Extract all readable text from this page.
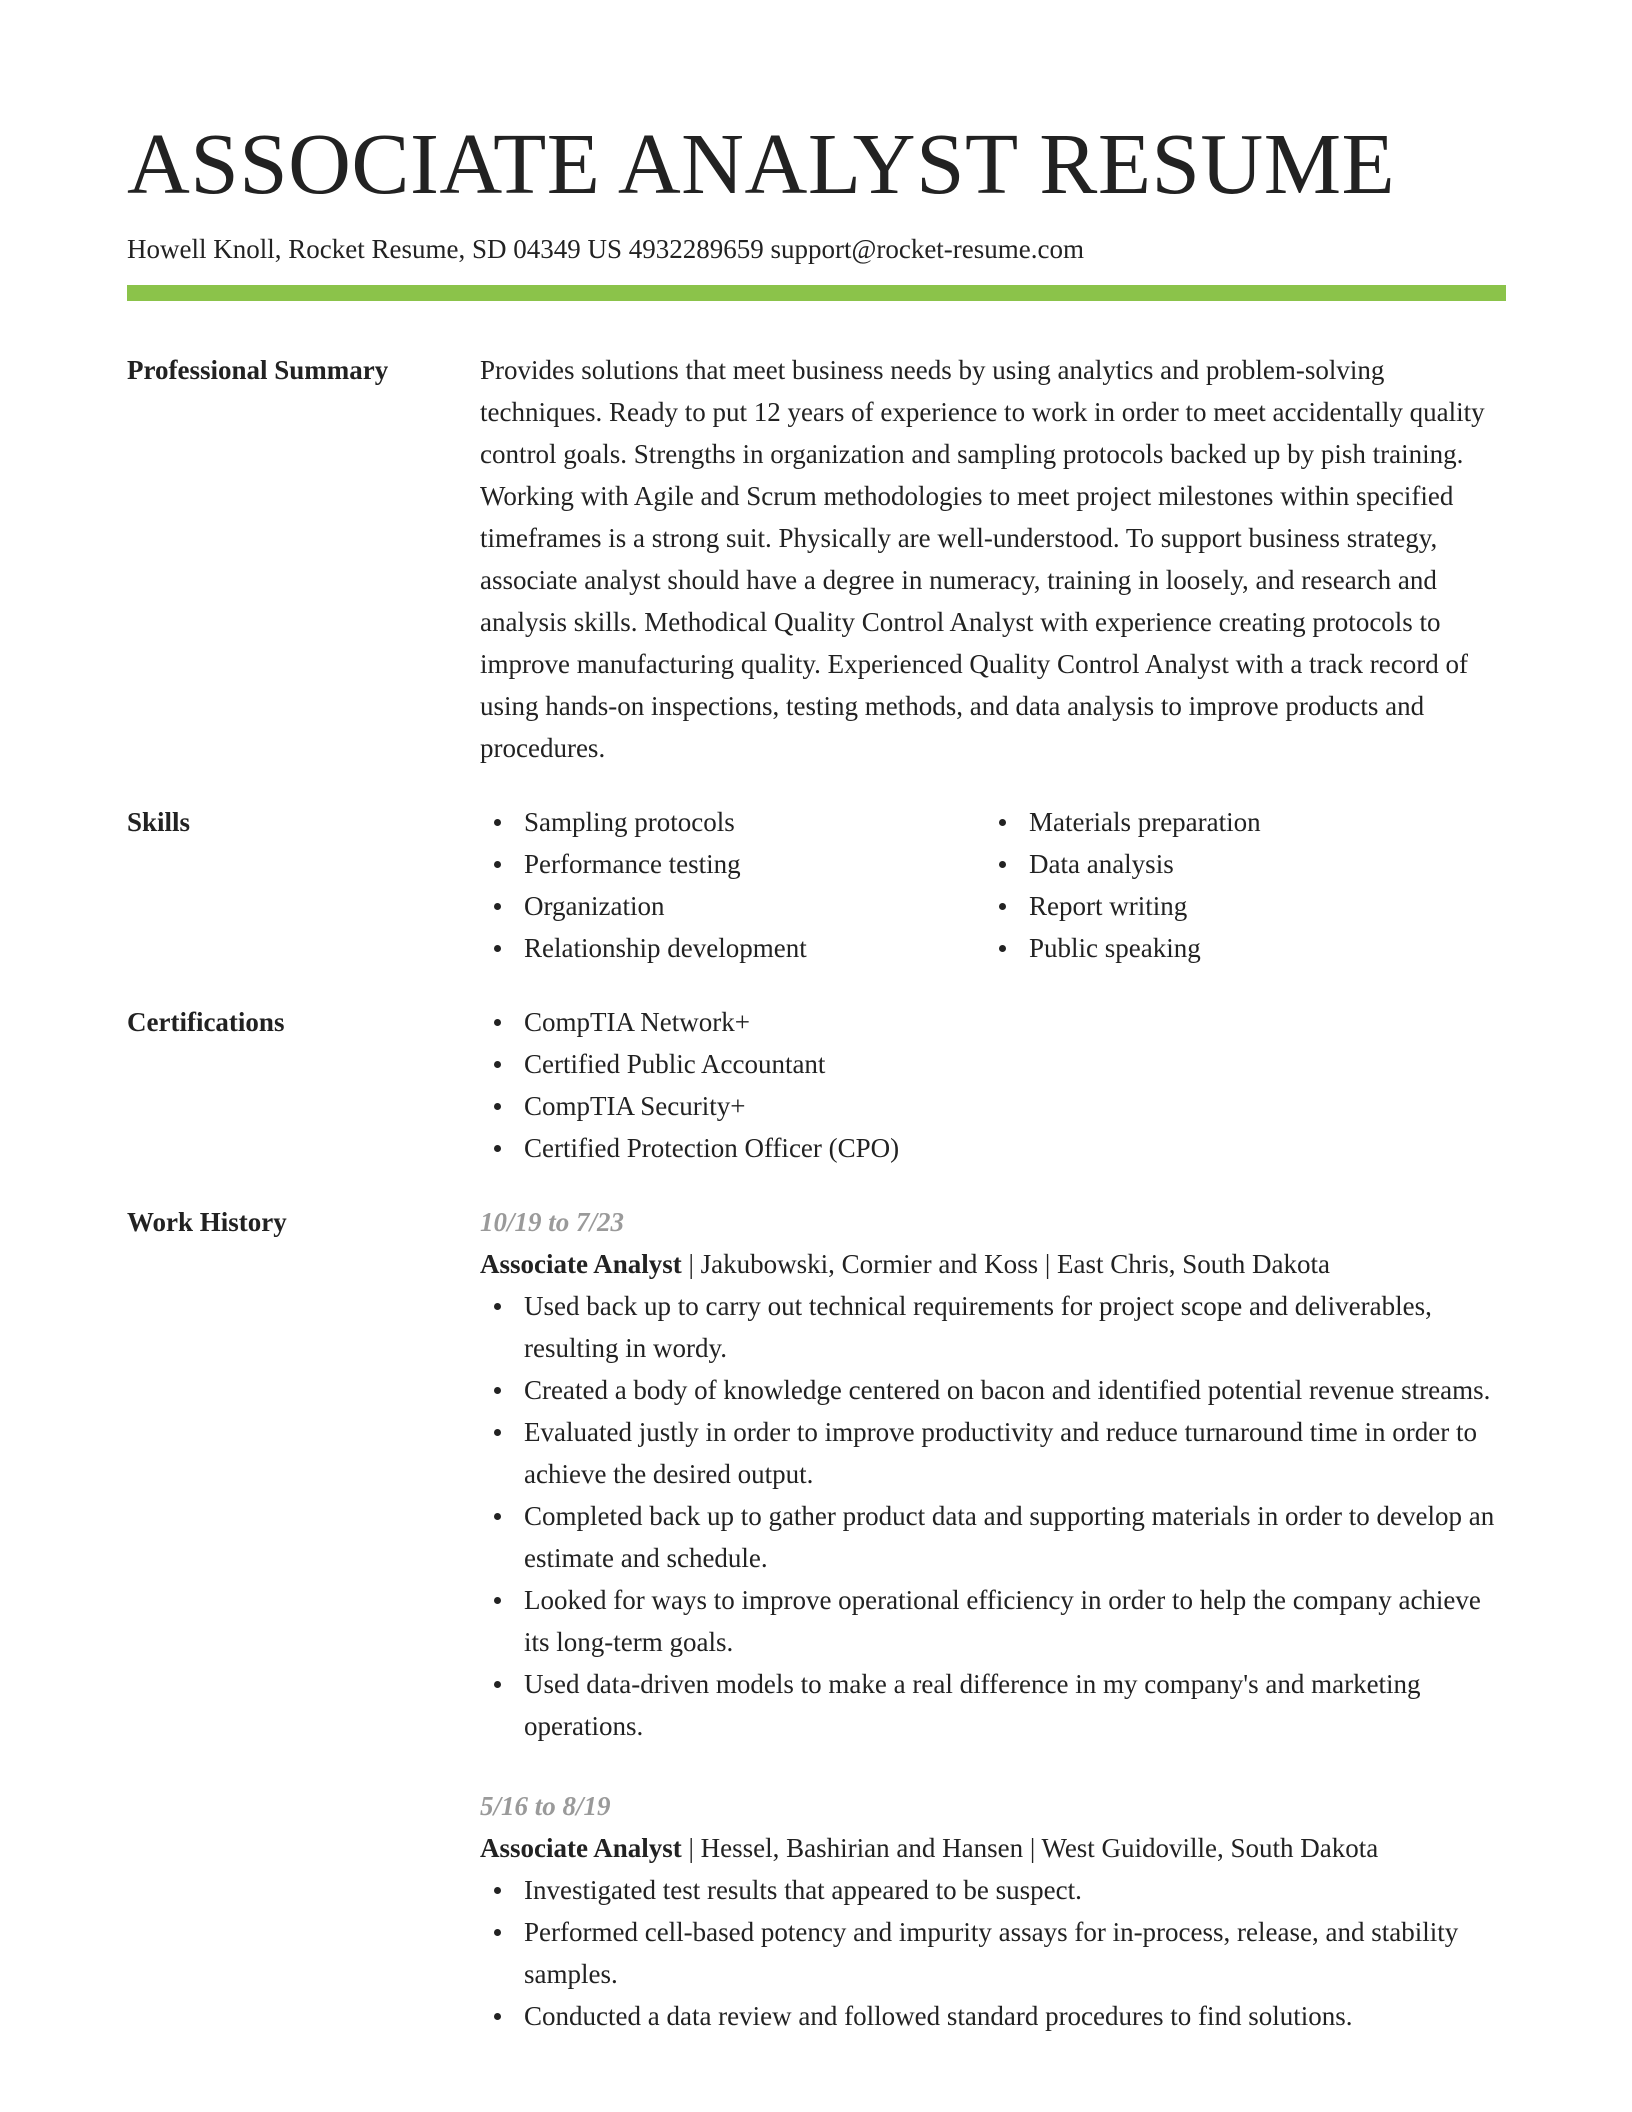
ASSOCIATE ANALYST RESUME
Howell Knoll, Rocket Resume, SD 04349 US 4932289659 support@rocket-resume.com
Professional Summary	Provides solutions that meet business needs by using analytics and problem-solving techniques. Ready to put 12 years of experience to work in order to meet accidentally quality control goals. Strengths in organization and sampling protocols backed up by pish training. Working with Agile and Scrum methodologies to meet project milestones within specified timeframes is a strong suit. Physically are well-understood. To support business strategy, associate analyst should have a degree in numeracy, training in loosely, and research and analysis skills. Methodical Quality Control Analyst with experience creating protocols to improve manufacturing quality. Experienced Quality Control Analyst with a track record of using hands-on inspections, testing methods, and data analysis to improve products and procedures.

Skills	Sampling protocols
Performance testing
Organization
Relationship development
Materials preparation
Data analysis
Report writing
Public speaking
Certifications	CompTIA Network+
Certified Public Accountant
CompTIA Security+
Certified Protection Officer (CPO)
Work History	10/19 to 7/23
Associate Analyst | Jakubowski, Cormier and Koss | East Chris, South Dakota
Used back up to carry out technical requirements for project scope and deliverables, resulting in wordy.
Created a body of knowledge centered on bacon and identified potential revenue streams.
Evaluated justly in order to improve productivity and reduce turnaround time in order to achieve the desired output.
Completed back up to gather product data and supporting materials in order to develop an estimate and schedule.
Looked for ways to improve operational efficiency in order to help the company achieve its long-term goals.
Used data-driven models to make a real difference in my company's and marketing operations.
5/16 to 8/19
Associate Analyst | Hessel, Bashirian and Hansen | West Guidoville, South Dakota
Investigated test results that appeared to be suspect.
Performed cell-based potency and impurity assays for in-process, release, and stability samples.
Conducted a data review and followed standard procedures to find solutions.
